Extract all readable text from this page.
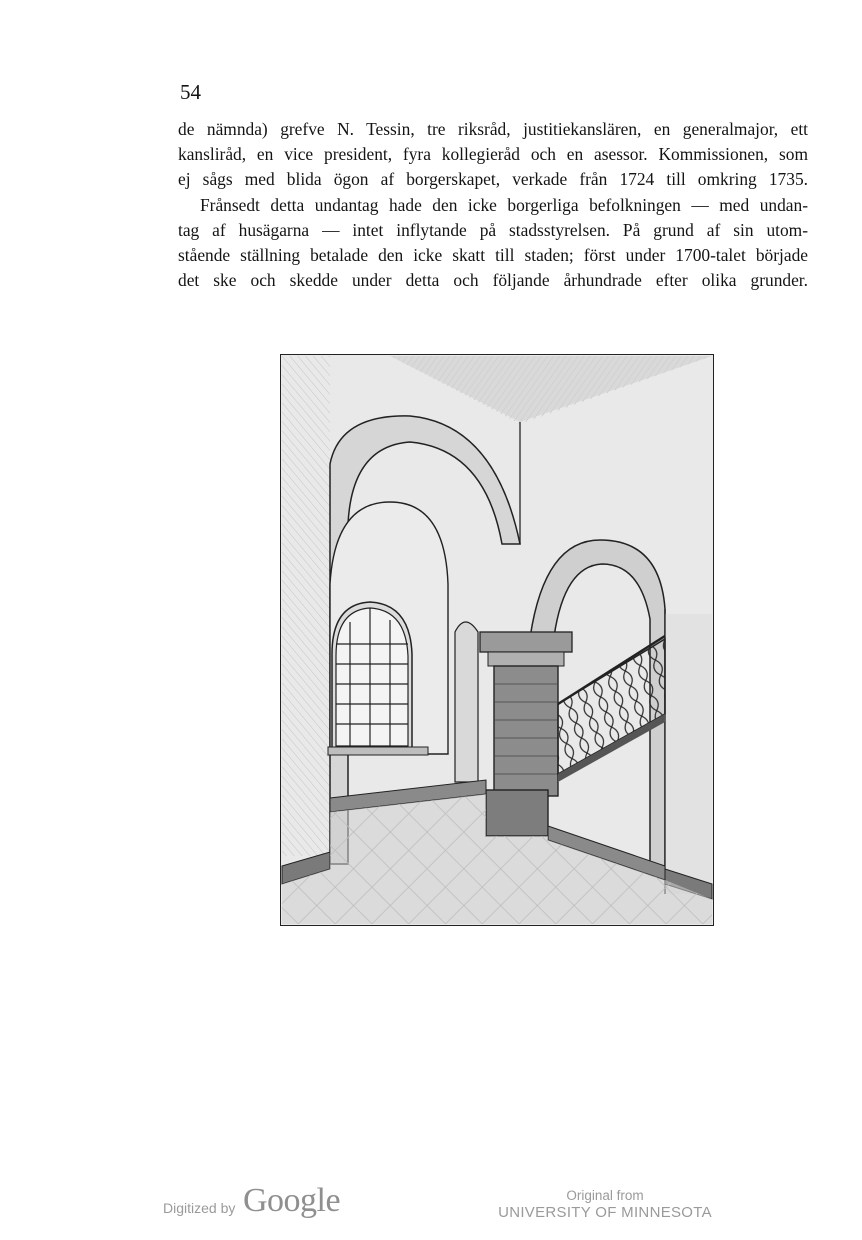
54

de nämnda) grefve N. Tessin, tre riksråd, justitiekanslären, en generalmajor, ett

kansliråd, en vice president, fyra kollegieråd och en asessor. Kommissionen, som

ej sågs med blida ögon af borgerskapet, verkade från 1724 till omkring 1735.

Frånsedt detta undantag hade den icke borgerliga befolkningen — med undan-

tag af husägarna — intet inflytande på stadsstyrelsen. På grund af sin utom-

stående ställning betalade den icke skatt till staden; först under 1700-talet började

det ske och skedde under detta och följande århundrade efter olika grunder.

Digitized by Google	Original from
UNIVERSITY OF MINNESOTA
